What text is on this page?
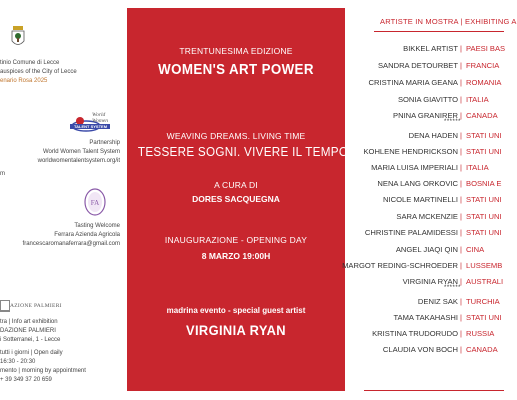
tinio Comune di Lecce
auspices of the City of Lecce
enario Rosa 2025
World Women
TALENT SYSTEM
m
Partnership
World Women Talent System
worldwomentalentsystem.org/it
FA
Tasting Welcome
Ferrara Azienda Agricola
francescaromanaferrara@gmail.com
AZIONE PALMIERI
tra | Info art exhibition
DAZIONE PALMIERI
i Sotterranei, 1 - Lecce
tutti i giorni | Open daily
16:30 - 20:30
mento | morning by appointment
+ 39 349 37 20 659
TRENTUNESIMA EDIZIONE
WOMEN'S ART POWER
WEAVING DREAMS. LIVING TIME
TESSERE SOGNI. VIVERE IL TEMPO
A CURA DI
DORES SACQUEGNA
INAUGURAZIONE - OPENING DAY
8 MARZO 19:00H
madrina evento - special guest artist
VIRGINIA RYAN
ARTISTE IN MOSTRA | EXHIBITING A
BIKKEL ARTIST | PAESI BAS
SANDRA DETOURBET | FRANCIA
CRISTINA MARIA GEANA | ROMANIA
SONIA GIAVITTO | ITALIA
PNINA GRANIRER | CANADA
DENA HADEN | STATI UNI
KOHLENE HENDRICKSON | STATI UNI
MARIA LUISA IMPERIALI | ITALIA
NENA LANG ORKOVIC | BOSNIA E
NICOLE MARTINELLI | STATI UNI
SARA MCKENZIE | STATI UNI
CHRISTINE PALAMIDESSI | STATI UNI
ANGEL JIAQI QIN | CINA
MARGOT REDING-SCHROEDER | LUSSEMB
VIRGINIA RYAN | AUSTRALI
DENIZ SAK | TURCHIA
TAMA TAKAHASHI | STATI UNI
KRISTINA TRUDORUDO | RUSSIA
CLAUDIA VON BOCH | CANADA
******
******
